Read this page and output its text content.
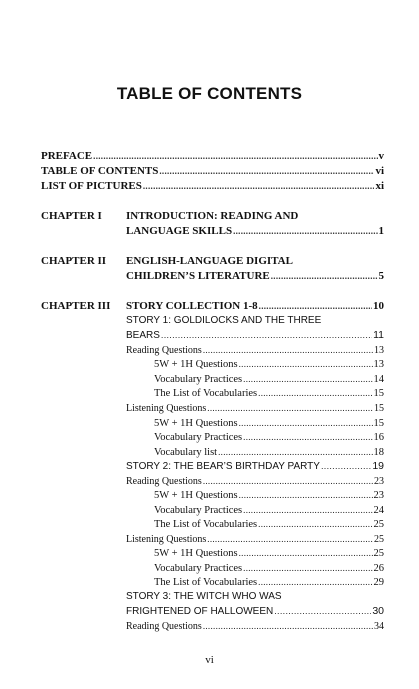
TABLE OF CONTENTS
PREFACE .....	v
TABLE OF CONTENTS .....	vi
LIST OF PICTURES .....	xi
CHAPTER I INTRODUCTION: READING AND
LANGUAGE SKILLS .....	1
CHAPTER II ENGLISH-LANGUAGE DIGITAL
CHILDREN’S LITERATURE .....	5
CHAPTER III STORY COLLECTION 1-8 .....	10
STORY 1: GOLDILOCKS AND THE THREE
BEARS .....	11
Reading Questions .....	13
5W + 1H Questions .....	13
Vocabulary Practices .....	14
The List of Vocabularies .....	15
Listening Questions .....	15
5W + 1H Questions .....	15
Vocabulary Practices .....	16
Vocabulary list .....	18
STORY 2: THE BEAR’S BIRTHDAY PARTY .....	19
Reading Questions .....	23
5W + 1H Questions .....	23
Vocabulary Practices .....	24
The List of Vocabularies .....	25
Listening Questions .....	25
5W + 1H Questions .....	25
Vocabulary Practices .....	26
The List of Vocabularies .....	29
STORY 3: THE WITCH WHO WAS
FRIGHTENED OF HALLOWEEN .....	30
Reading Questions .....	34
vi
